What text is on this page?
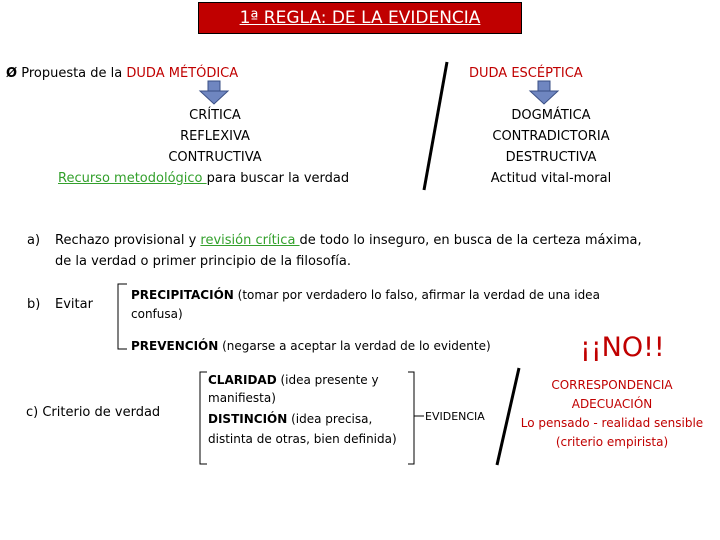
1ª REGLA: DE LA EVIDENCIA
Ø Propuesta de la DUDA MÉTÓDICA	DUDA ESCÉPTICA
CRÍTICA
REFLEXIVA
CONTRUCTIVA
Recurso metodológico para buscar la verdad
DOGMÁTICA
CONTRADICTORIA
DESTRUCTIVA
Actitud vital-moral
a) Rechazo provisional y revisión crítica de todo lo inseguro, en busca de la certeza máxima,
de la verdad o primer principio de la filosofía.
b) Evitar
PRECIPITACIÓN (tomar por verdadero lo falso, afirmar la verdad de una idea
confusa)
PREVENCIÓN (negarse a aceptar la verdad de lo evidente)	¡¡NO!!
c) Criterio de verdad
CLARIDAD (idea presente y
manifiesta)
DISTINCIÓN (idea precisa,
distinta de otras, bien definida)
EVIDENCIA
CORRESPONDENCIA
ADECUACIÓN
Lo pensado - realidad sensible
(criterio empirista)
